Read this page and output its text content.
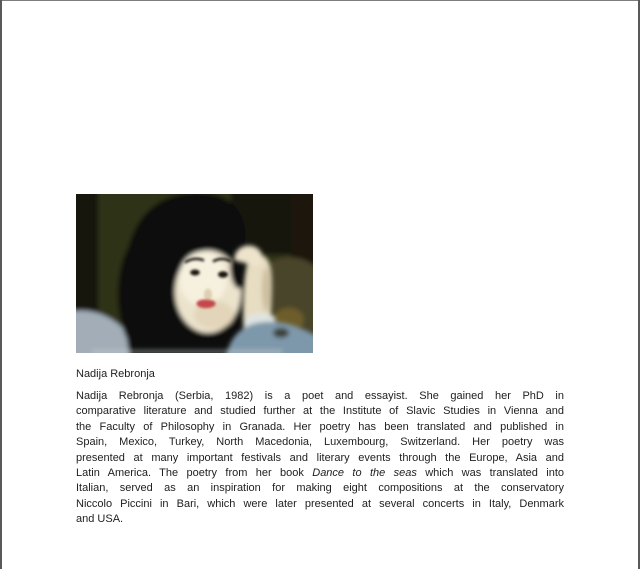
Nadija Rebronja
Nadija Rebronja (Serbia, 1982) is a poet and essayist. She gained her PhD in
comparative literature and studied further at the Institute of Slavic Studies in Vienna and
the Faculty of Philosophy in Granada. Her poetry has been translated and published in
Spain, Mexico, Turkey, North Macedonia, Luxembourg, Switzerland. Her poetry was
presented at many important festivals and literary events through the Europe, Asia and
Latin America. The poetry from her book Dance to the seas which was translated into
Italian, served as an inspiration for making eight compositions at the conservatory
Niccolo Piccini in Bari, which were later presented at several concerts in Italy, Denmark
and USA.
